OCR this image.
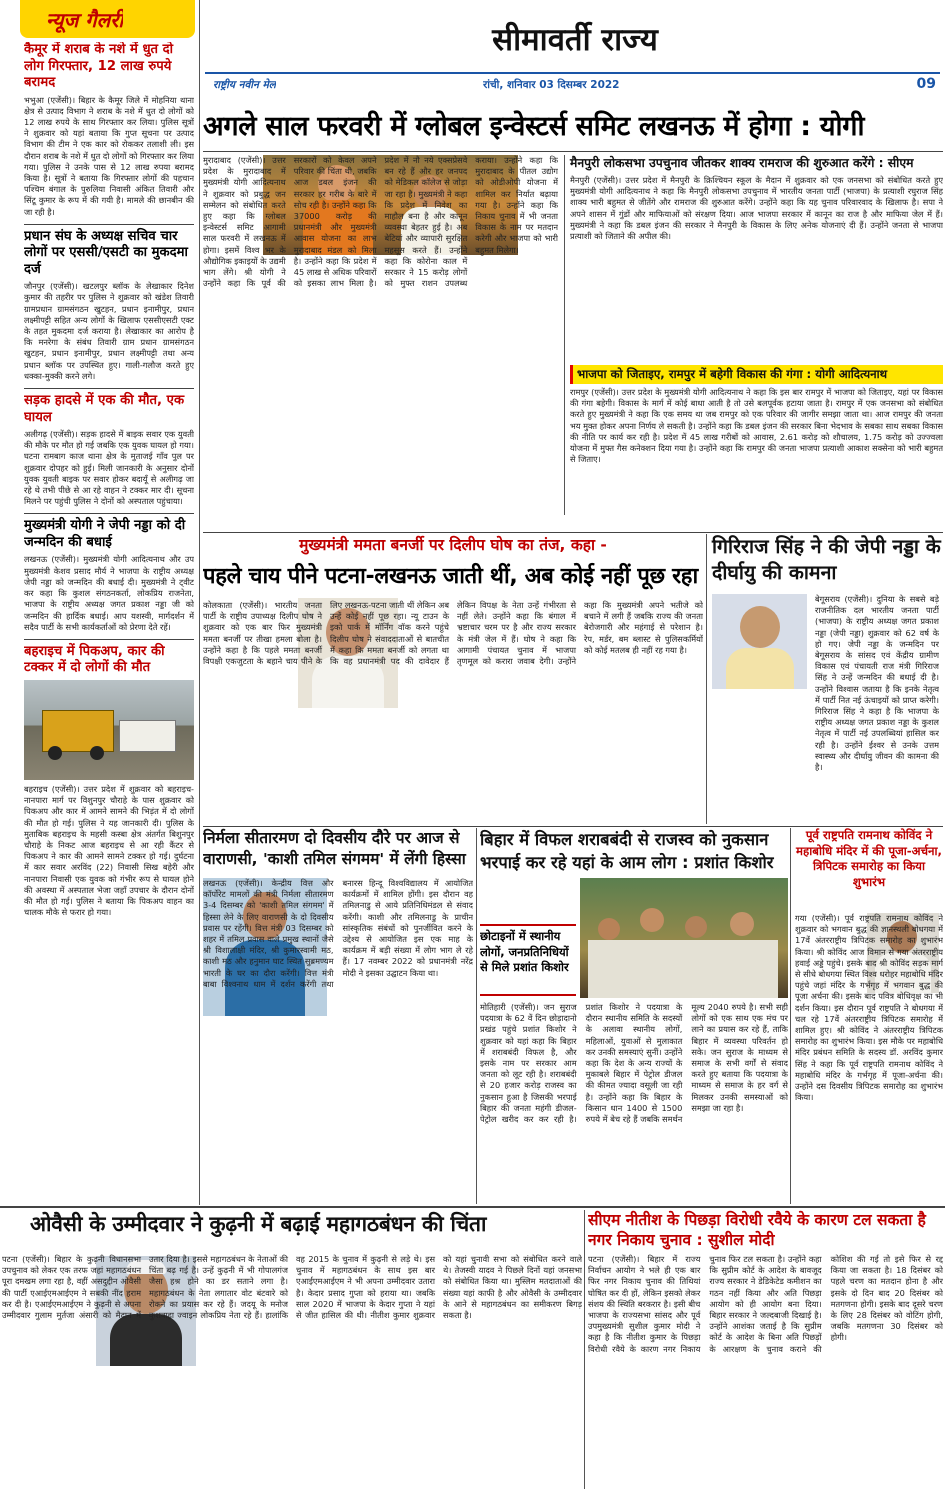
सीमावर्ती राज्य
राष्ट्रीय नवीन मेल	रांची, शनिवार 03 दिसम्बर 2022	09
न्यूज गैलरी

कैमूर में शराब के नशे में धुत दो लोग गिरफ्तार, 12 लाख रुपये बरामद

भभुआ (एजेंसी)। बिहार के कैमूर जिले में मोहनिया थाना क्षेत्र से उत्पाद विभाग ने शराब के नशे में धुत दो लोगों को 12 लाख रुपये के साथ गिरफ्तार कर लिया। पुलिस सूत्रों ने शुक्रवार को यहां बताया कि गुप्त सूचना पर उत्पाद विभाग की टीम ने एक कार को रोककर तलाशी ली। इस दौरान शराब के नशे में धुत दो लोगों को गिरफ्तार कर लिया गया। पुलिस ने उनके पास से 12 लाख रुपया बरामद किया है। सूत्रों ने बताया कि गिरफ्तार लोगों की पहचान पश्चिम बंगाल के पुरुलिया निवासी अंकित तिवारी और सिंटू कुमार के रूप में की गयी है। मामले की छानबीन की जा रही है।

प्रधान संघ के अध्यक्ष सचिव चार लोगों पर एससी/एसटी का मुकदमा दर्ज

जौनपुर (एजेंसी)। खटलपुर ब्लॉक के लेखाकार दिनेश कुमार की तहरीर पर पुलिस ने शुक्रवार को खंडेश तिवारी ग्रामप्रधान ग्रामसंगठन खुटहन, प्रधान इनामीपुर, प्रधान लक्ष्मीपट्टी सहित अन्य लोगों के खिलाफ एससीएसटी एक्ट के तहत मुकदमा दर्ज कराया है। लेखाकार का आरोप है कि मनरेगा के संबंध तिवारी ग्राम प्रधान ग्रामसंगठन खुटहन, प्रधान इनामीपुर, प्रधान लक्ष्मीपट्टी तथा अन्य प्रधान ब्लॉक पर उपस्थित हुए। गाली-गलौज करते हुए धक्का-मुक्की करने लगे।

सड़क हादसे में एक की मौत, एक घायल

अलीगढ़ (एजेंसी)। सड़क हादसे में बाइक सवार एक युवती की मौके पर मौत हो गई जबकि एक युवक घायल हो गया। घटना रामबाग काज थाना क्षेत्र के मुताजई गाँव पुल पर शुक्रवार दोपहर को हुई। मिली जानकारी के अनुसार दोनों युवक युवती बाइक पर सवार होकर बदायूँ से अलीगढ़ जा रहे थे तभी पीछे से आ रहे वाहन ने टक्कर मार दी। सूचना मिलने पर पहुंची पुलिस ने दोनों को अस्पताल पहुंचाया।

मुख्यमंत्री योगी ने जेपी नड्डा को दी जन्मदिन की बधाई

लखनऊ (एजेंसी)। मुख्यमंत्री योगी आदित्यनाथ और उप मुख्यमंत्री केशव प्रसाद मौर्य ने भाजपा के राष्ट्रीय अध्यक्ष जेपी नड्डा को जन्मदिन की बधाई दी। मुख्यमंत्री ने ट्वीट कर कहा कि कुशल संगठनकर्ता, लोकप्रिय राजनेता, भाजपा के राष्ट्रीय अध्यक्ष जगत प्रकाश नड्डा जी को जन्मदिन की हार्दिक बधाई। आप यशस्वी, मार्गदर्शन में सदैव पार्टी के सभी कार्यकर्ताओं को प्रेरणा देते रहें।

बहराइच में पिकअप, कार की टक्कर में दो लोगों की मौत

बहराइच (एजेंसी)। उत्तर प्रदेश में शुक्रवार को बहराइच-नानपारा मार्ग पर विशुनपुर चौराहे के पास शुक्रवार को पिकअप और कार में आमने सामने की भिड़ंत में दो लोगों की मौत हो गई। पुलिस ने यह जानकारी दी। पुलिस के मुताबिक बहराइच के महसी कस्बा क्षेत्र अंतर्गत बिशुनपुर चौराहे के निकट आज बहराइच से आ रही कैंटर से पिकअप ने कार की आमने सामने टक्कर हो गई। दुर्घटना में कार सवार अरविंद (22) निवासी सिख बहेरी और नानपारा निवासी एक युवक को गंभीर रूप से घायल होने की अवस्था में अस्पताल भेजा जहाँ उपचार के दौरान दोनों की मौत हो गई। पुलिस ने बताया कि पिकअप वाहन का चालक मौके से फरार हो गया।

अगले साल फरवरी में ग्लोबल इन्वेस्टर्स समिट लखनऊ में होगा : योगी

मुरादाबाद (एजेंसी)। उत्तर प्रदेश के मुरादाबाद में मुख्यमंत्री योगी आदित्यनाथ ने शुक्रवार को प्रबुद्ध जन सम्मेलन को संबोधित करते हुए कहा कि ग्लोबल इन्वेस्टर्स समिट आगामी साल फरवरी में लखनऊ में होगा। इसमें विश्व भर के औद्योगिक इकाइयों के उद्यमी भाग लेंगे। श्री योगी ने उन्होंने कहा कि पूर्व की सरकारों को केवल अपने परिवार की चिंता थी, जबकि आज डबल इंजन की सरकार हर गरीब के बारे में सोच रही है। उन्होंने कहा कि 37000 करोड़ की प्रधानमंत्री और मुख्यमंत्री आवास योजना का लाभ मुरादाबाद मंडल को मिला है। उन्होंने कहा कि प्रदेश में 45 लाख से अधिक परिवारों को इसका लाभ मिला है। प्रदेश में नौ नये एक्सप्रेसवे बन रहे हैं और हर जनपद को मेडिकल कॉलेज से जोड़ा जा रहा है। मुख्यमंत्री ने कहा कि प्रदेश में निवेश का माहौल बना है और कानून व्यवस्था बेहतर हुई है। अब बेटियां और व्यापारी सुरक्षित महसूस करते हैं। उन्होंने कहा कि कोरोना काल में सरकार ने 15 करोड़ लोगों को मुफ्त राशन उपलब्ध कराया। उन्होंने कहा कि मुरादाबाद के पीतल उद्योग को ओडीओपी योजना में शामिल कर निर्यात बढ़ाया गया है। उन्होंने कहा कि निकाय चुनाव में भी जनता विकास के नाम पर मतदान करेगी और भाजपा को भारी बहुमत मिलेगा।

मैनपुरी लोकसभा उपचुनाव जीतकर शाक्य रामराज की शुरुआत करेंगे : सीएम

मैनपुरी (एजेंसी)। उत्तर प्रदेश में मैनपुरी के क्रिश्चियन स्कूल के मैदान में शुक्रवार को एक जनसभा को संबोधित करते हुए मुख्यमंत्री योगी आदित्यनाथ ने कहा कि मैनपुरी लोकसभा उपचुनाव में भारतीय जनता पार्टी (भाजपा) के प्रत्याशी रघुराज सिंह शाक्य भारी बहुमत से जीतेंगे और रामराज की शुरुआत करेंगे। उन्होंने कहा कि यह चुनाव परिवारवाद के खिलाफ है। सपा ने अपने शासन में गुंडों और माफियाओं को संरक्षण दिया। आज भाजपा सरकार में कानून का राज है और माफिया जेल में हैं। मुख्यमंत्री ने कहा कि डबल इंजन की सरकार ने मैनपुरी के विकास के लिए अनेक योजनाएं दी हैं। उन्होंने जनता से भाजपा प्रत्याशी को जिताने की अपील की।

भाजपा को जिताइए, रामपुर में बहेगी विकास की गंगा : योगी आदित्यनाथ

रामपुर (एजेंसी)। उत्तर प्रदेश के मुख्यमंत्री योगी आदित्यनाथ ने कहा कि इस बार रामपुर में भाजपा को जिताइए, यहां पर विकास की गंगा बहेगी। विकास के मार्ग में कोई बाधा आती है तो उसे बलपूर्वक हटाया जाता है। रामपुर में एक जनसभा को संबोधित करते हुए मुख्यमंत्री ने कहा कि एक समय था जब रामपुर को एक परिवार की जागीर समझा जाता था। आज रामपुर की जनता भय मुक्त होकर अपना निर्णय ले सकती है। उन्होंने कहा कि डबल इंजन की सरकार बिना भेदभाव के सबका साथ सबका विकास की नीति पर कार्य कर रही है। प्रदेश में 45 लाख गरीबों को आवास, 2.61 करोड़ को शौचालय, 1.75 करोड़ को उज्ज्वला योजना में मुफ्त गैस कनेक्शन दिया गया है। उन्होंने कहा कि रामपुर की जनता भाजपा प्रत्याशी आकाश सक्सेना को भारी बहुमत से जिताए।

मुख्यमंत्री ममता बनर्जी पर दिलीप घोष का तंज, कहा -

पहले चाय पीने पटना-लखनऊ जाती थीं, अब कोई नहीं पूछ रहा

कोलकाता (एजेंसी)। भारतीय जनता पार्टी के राष्ट्रीय उपाध्यक्ष दिलीप घोष ने शुक्रवार को एक बार फिर मुख्यमंत्री ममता बनर्जी पर तीखा हमला बोला है। उन्होंने कहा है कि पहले ममता बनर्जी विपक्षी एकजुटता के बहाने चाय पीने के लिए लखनऊ-पटना जाती थीं लेकिन अब उन्हें कोई नहीं पूछ रहा। न्यू टाउन के इको पार्क में मॉर्निंग वॉक करने पहुंचे दिलीप घोष ने संवाददाताओं से बातचीत में कहा कि ममता बनर्जी को लगता था कि वह प्रधानमंत्री पद की दावेदार हैं लेकिन विपक्ष के नेता उन्हें गंभीरता से नहीं लेते। उन्होंने कहा कि बंगाल में भ्रष्टाचार चरम पर है और राज्य सरकार के मंत्री जेल में हैं। घोष ने कहा कि आगामी पंचायत चुनाव में भाजपा तृणमूल को करारा जवाब देगी। उन्होंने कहा कि मुख्यमंत्री अपने भतीजे को बचाने में लगी हैं जबकि राज्य की जनता बेरोजगारी और महंगाई से परेशान है। रेप, मर्डर, बम ब्लास्ट से पुलिसकर्मियों को कोई मतलब ही नहीं रह गया है।

गिरिराज सिंह ने की जेपी नड्डा के दीर्घायु की कामना

बेगूसराय (एजेंसी)। दुनिया के सबसे बड़े राजनीतिक दल भारतीय जनता पार्टी (भाजपा) के राष्ट्रीय अध्यक्ष जगत प्रकाश नड्डा (जेपी नड्डा) शुक्रवार को 62 वर्ष के हो गए। जेपी नड्डा के जन्मदिन पर बेगूसराय के सांसद एवं केंद्रीय ग्रामीण विकास एवं पंचायती राज मंत्री गिरिराज सिंह ने उन्हें जन्मदिन की बधाई दी है। उन्होंने विश्वास जताया है कि इनके नेतृत्व में पार्टी नित नई ऊंचाइयों को प्राप्त करेगी। गिरिराज सिंह ने कहा है कि भाजपा के राष्ट्रीय अध्यक्ष जगत प्रकाश नड्डा के कुशल नेतृत्व में पार्टी नई उपलब्धियां हासिल कर रही है। उन्होंने ईश्वर से उनके उत्तम स्वास्थ्य और दीर्घायु जीवन की कामना की है।

निर्मला सीतारमण दो दिवसीय दौरे पर आज से वाराणसी, 'काशी तमिल संगमम' में लेंगी हिस्सा

लखनऊ (एजेंसी)। केन्द्रीय वित्त और कॉर्पोरेट मामलों की मंत्री निर्मला सीतारमण 3-4 दिसम्बर को 'काशी तमिल संगमम' में हिस्सा लेने के लिए वाराणसी के दो दिवसीय प्रवास पर रहेंगी। वित्त मंत्री 03 दिसम्बर को शहर में तमिल प्रवास वाले प्रमुख स्थानों जैसे श्री विशालाक्षी मंदिर, श्री कुमारस्वामी मठ, काशी मठ और हनुमान घाट स्थित सुब्रमण्यम भारती के घर का दौरा करेंगी। वित्त मंत्री बाबा विश्वनाथ धाम में दर्शन करेंगी तथा बनारस हिन्दू विश्वविद्यालय में आयोजित कार्यक्रमों में शामिल होंगी। इस दौरान वह तमिलनाडु से आये प्रतिनिधिमंडल से संवाद करेंगी। काशी और तमिलनाडु के प्राचीन सांस्कृतिक संबंधों को पुनर्जीवित करने के उद्देश्य से आयोजित इस एक माह के कार्यक्रम में बड़ी संख्या में लोग भाग ले रहे हैं। 17 नवम्बर 2022 को प्रधानमंत्री नरेंद्र मोदी ने इसका उद्घाटन किया था।

बिहार में विफल शराबबंदी से राजस्व को नुकसान भरपाई कर रहे यहां के आम लोग : प्रशांत किशोर

छोटाइनों में स्थानीय लोगों, जनप्रतिनिधियों से मिले प्रशांत किशोर

मोतिहारी (एजेंसी)। जन सुराज पदयात्रा के 62 वें दिन छोड़ादानो प्रखंड पहुंचे प्रशांत किशोर ने शुक्रवार को यहां कहा कि बिहार में शराबबंदी विफल है, और इसके नाम पर सरकार आम जनता को लूट रही है। शराबबंदी से 20 हजार करोड़ राजस्व का नुकसान हुआ है जिसकी भरपाई बिहार की जनता महंगी डीजल-पेट्रोल खरीद कर कर रही है। प्रशांत किशोर ने पदयात्रा के दौरान स्थानीय समिति के सदस्यों के अलावा स्थानीय लोगों, महिलाओं, युवाओं से मुलाकात कर उनकी समस्याएं सुनीं। उन्होंने कहा कि देश के अन्य राज्यों के मुकाबले बिहार में पेट्रोल डीजल की कीमत ज्यादा वसूली जा रही है। उन्होंने कहा कि बिहार के किसान धान 1400 से 1500 रुपये में बेच रहे हैं जबकि समर्थन मूल्य 2040 रुपये है। सभी सही लोगों को एक साथ एक मंच पर लाने का प्रयास कर रहे हैं, ताकि बिहार में व्यवस्था परिवर्तन हो सके। जन सुराज के माध्यम से समाज के सभी वर्गों से संवाद करते हुए बताया कि पदयात्रा के माध्यम से समाज के हर वर्ग से मिलकर उनकी समस्याओं को समझा जा रहा है।

पूर्व राष्ट्रपति रामनाथ कोविंद ने महाबोधि मंदिर में की पूजा-अर्चना, त्रिपिटक समारोह का किया शुभारंभ

गया (एजेंसी)। पूर्व राष्ट्रपति रामनाथ कोविंद ने शुक्रवार को भगवान बुद्ध की ज्ञानस्थली बोधगया में 17वें अंतरराष्ट्रीय त्रिपिटक समारोह का शुभारंभ किया। श्री कोविंद आज विमान से गया अंतरराष्ट्रीय हवाई अड्डे पहुंचे। इसके बाद श्री कोविंद सड़क मार्ग से सीधे बोधगया स्थित विश्व धरोहर महाबोधि मंदिर पहुंचे जहां मंदिर के गर्भगृह में भगवान बुद्ध की पूजा अर्चना की। इसके बाद पवित्र बोधिवृक्ष का भी दर्शन किया। इस दौरान पूर्व राष्ट्रपति ने बोधगया में चल रहे 17वें अंतरराष्ट्रीय त्रिपिटक समारोह में शामिल हुए। श्री कोविंद ने अंतरराष्ट्रीय त्रिपिटक समारोह का शुभारंभ किया। इस मौके पर महाबोधि मंदिर प्रबंधन समिति के सदस्य डॉ. अरविंद कुमार सिंह ने कहा कि पूर्व राष्ट्रपति रामनाथ कोविंद ने महाबोधि मंदिर के गर्भगृह में पूजा-अर्चना की। उन्होंने दस दिवसीय त्रिपिटक समारोह का शुभारंभ किया।

ओवैसी के उम्मीदवार ने कुढ़नी में बढ़ाई महागठबंधन की चिंता

पटना (एजेंसी)। बिहार के कुढ़नी विधानसभा उपचुनाव को लेकर एक तरफ जहां महागठबंधन पूरा दमखम लगा रहा है, वहीं असदुद्दीन ओवैसी की पार्टी एआईएमआईएम ने सबकी नींद हराम कर दी है। एआईएमआईएम ने कुढ़नी से अपना उम्मीदवार गुलाम मुर्तजा अंसारी को मैदान में उतार दिया है। इससे महागठबंधन के नेताओं की चिंता बढ़ गई है। उन्हें कुढ़नी में भी गोपालगंज जैसा हश्र होने का डर सताने लगा है। महागठबंधन के नेता लगातार वोट बंटवारे को रोकने का प्रयास कर रहे हैं। जदयू के मनोज कुशवाहा ज्वाइन लोकप्रिय नेता रहे हैं। हालांकि वह 2015 के चुनाव में कुढ़नी से लड़े थे। इस चुनाव में महागठबंधन के साथ इस बार एआईएमआईएम ने भी अपना उम्मीदवार उतारा है। केदार प्रसाद गुप्ता को हराया था। जबकि साल 2020 में भाजपा के केदार गुप्ता ने यहां से जीत हासिल की थी। नीतीश कुमार शुक्रवार को यहां चुनावी सभा को संबोधित करने वाले थे। तेजस्वी यादव ने पिछले दिनों यहां जनसभा को संबोधित किया था। मुस्लिम मतदाताओं की संख्या यहां काफी है और ओवैसी के उम्मीदवार के आने से महागठबंधन का समीकरण बिगड़ सकता है।

सीएम नीतीश के पिछड़ा विरोधी रवैये के कारण टल सकता है नगर निकाय चुनाव : सुशील मोदी

पटना (एजेंसी)। बिहार में राज्य निर्वाचन आयोग ने भले ही एक बार फिर नगर निकाय चुनाव की तिथियां घोषित कर दी हों, लेकिन इसको लेकर संशय की स्थिति बरकरार है। इसी बीच भाजपा के राज्यसभा सांसद और पूर्व उपमुख्यमंत्री सुशील कुमार मोदी ने कहा है कि नीतीश कुमार के पिछड़ा विरोधी रवैये के कारण नगर निकाय चुनाव फिर टल सकता है। उन्होंने कहा कि सुप्रीम कोर्ट के आदेश के बावजूद राज्य सरकार ने डेडिकेटेड कमीशन का गठन नहीं किया और अति पिछड़ा आयोग को ही आयोग बना दिया। बिहार सरकार ने जल्दबाजी दिखाई है। उन्होंने आशंका जताई है कि सुप्रीम कोर्ट के आदेश के बिना अति पिछड़ों के आरक्षण के चुनाव कराने की कोशिश की गई तो इसे फिर से रद्द किया जा सकता है। 18 दिसंबर को पहले चरण का मतदान होना है और इसके दो दिन बाद 20 दिसंबर को मतगणना होगी। इसके बाद दूसरे चरण के लिए 28 दिसंबर को वोटिंग होगी, जबकि मतगणना 30 दिसंबर को होगी।
